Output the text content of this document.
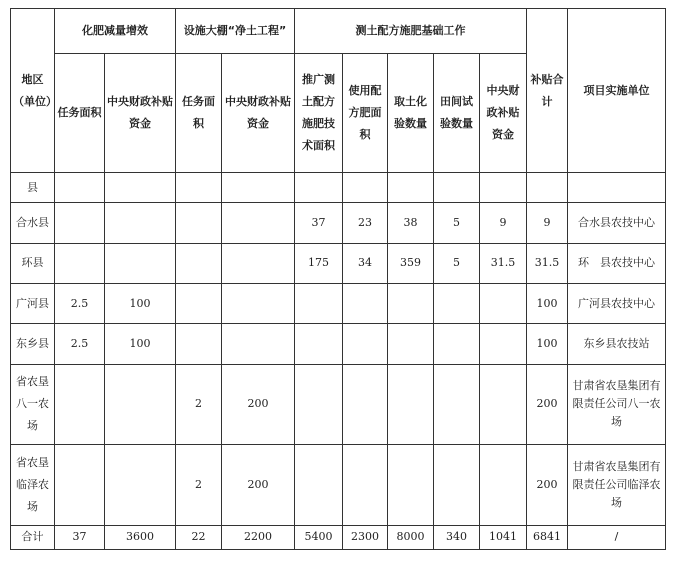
地区（单位）	化肥减量增效		设施大棚“净土工程”		测土配方施肥基础工作					补贴合计	项目实施单位
	任务面积	中央财政补贴资金	任务面积	中央财政补贴资金	推广测土配方施肥技术面积	使用配方肥面积	取土化验数量	田间试验数量	中央财政补贴资金		
县											
合水县					37	23	38	5	9	9	合水县农技中心
环县					175	34	359	5	31.5	31.5	环　县农技中心
广河县	2.5	100								100	广河县农技中心
东乡县	2.5	100								100	东乡县农技站
省农垦八一农场			2	200						200	甘肃省农垦集团有限责任公司八一农场
省农垦临泽农场			2	200						200	甘肃省农垦集团有限责任公司临泽农场
合计	37	3600	22	2200	5400	2300	8000	340	1041	6841	/
